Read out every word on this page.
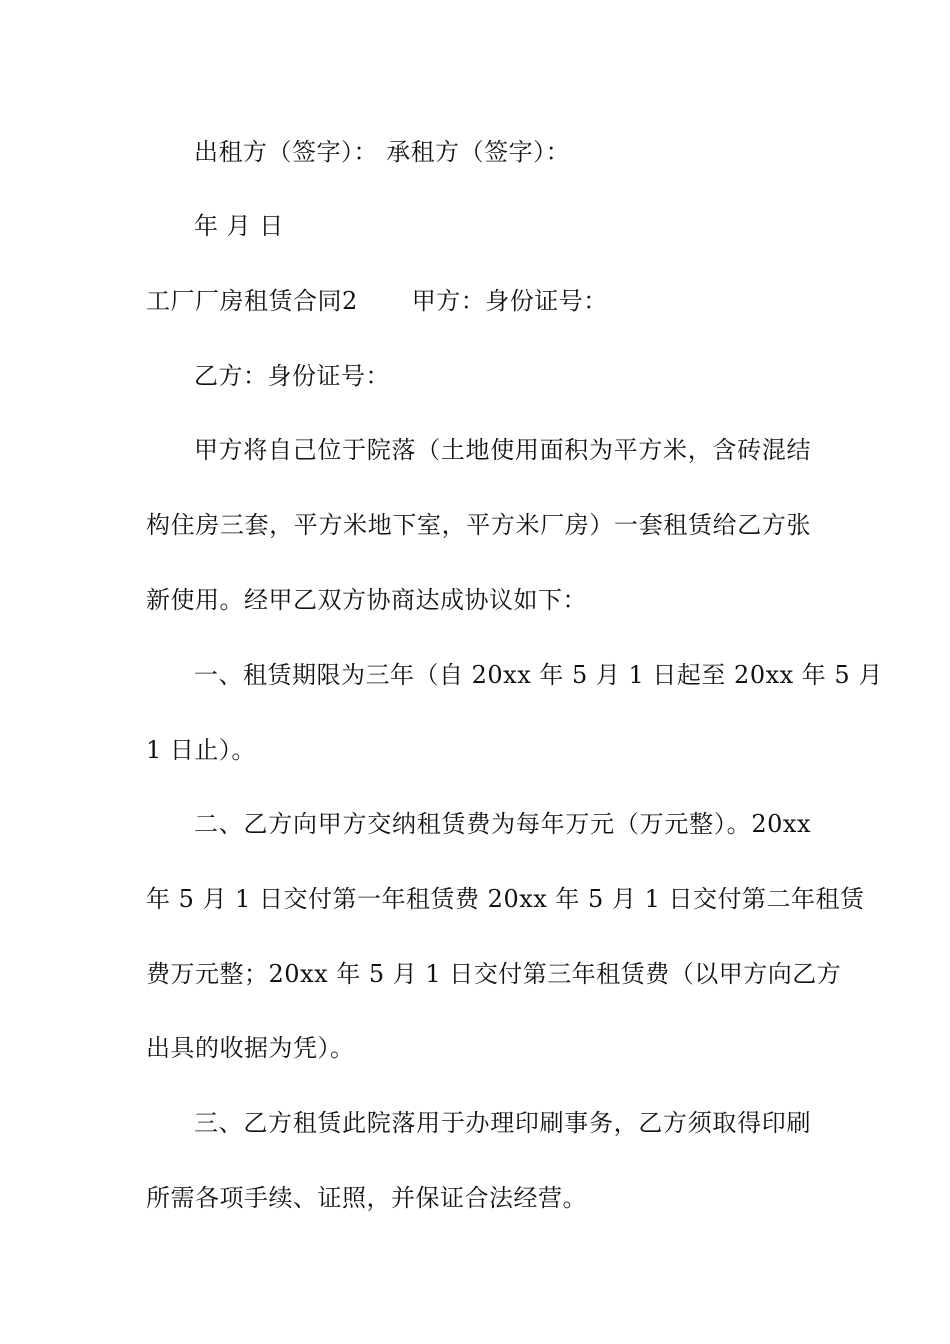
出租方（签字）： 承租方（签字）：
年 月 日
工厂厂房租赁合同2 甲方：身份证号：
乙方：身份证号：
甲方将自己位于院落（土地使用面积为平方米，含砖混结
构住房三套，平方米地下室，平方米厂房）一套租赁给乙方张
新使用。经甲乙双方协商达成协议如下：
一、租赁期限为三年（自 20xx 年 5 月 1 日起至 20xx 年 5 月
1 日止）。
二、乙方向甲方交纳租赁费为每年万元（万元整）。20xx
年 5 月 1 日交付第一年租赁费 20xx 年 5 月 1 日交付第二年租赁
费万元整；20xx 年 5 月 1 日交付第三年租赁费（以甲方向乙方
出具的收据为凭）。
三、乙方租赁此院落用于办理印刷事务，乙方须取得印刷
所需各项手续、证照，并保证合法经营。
